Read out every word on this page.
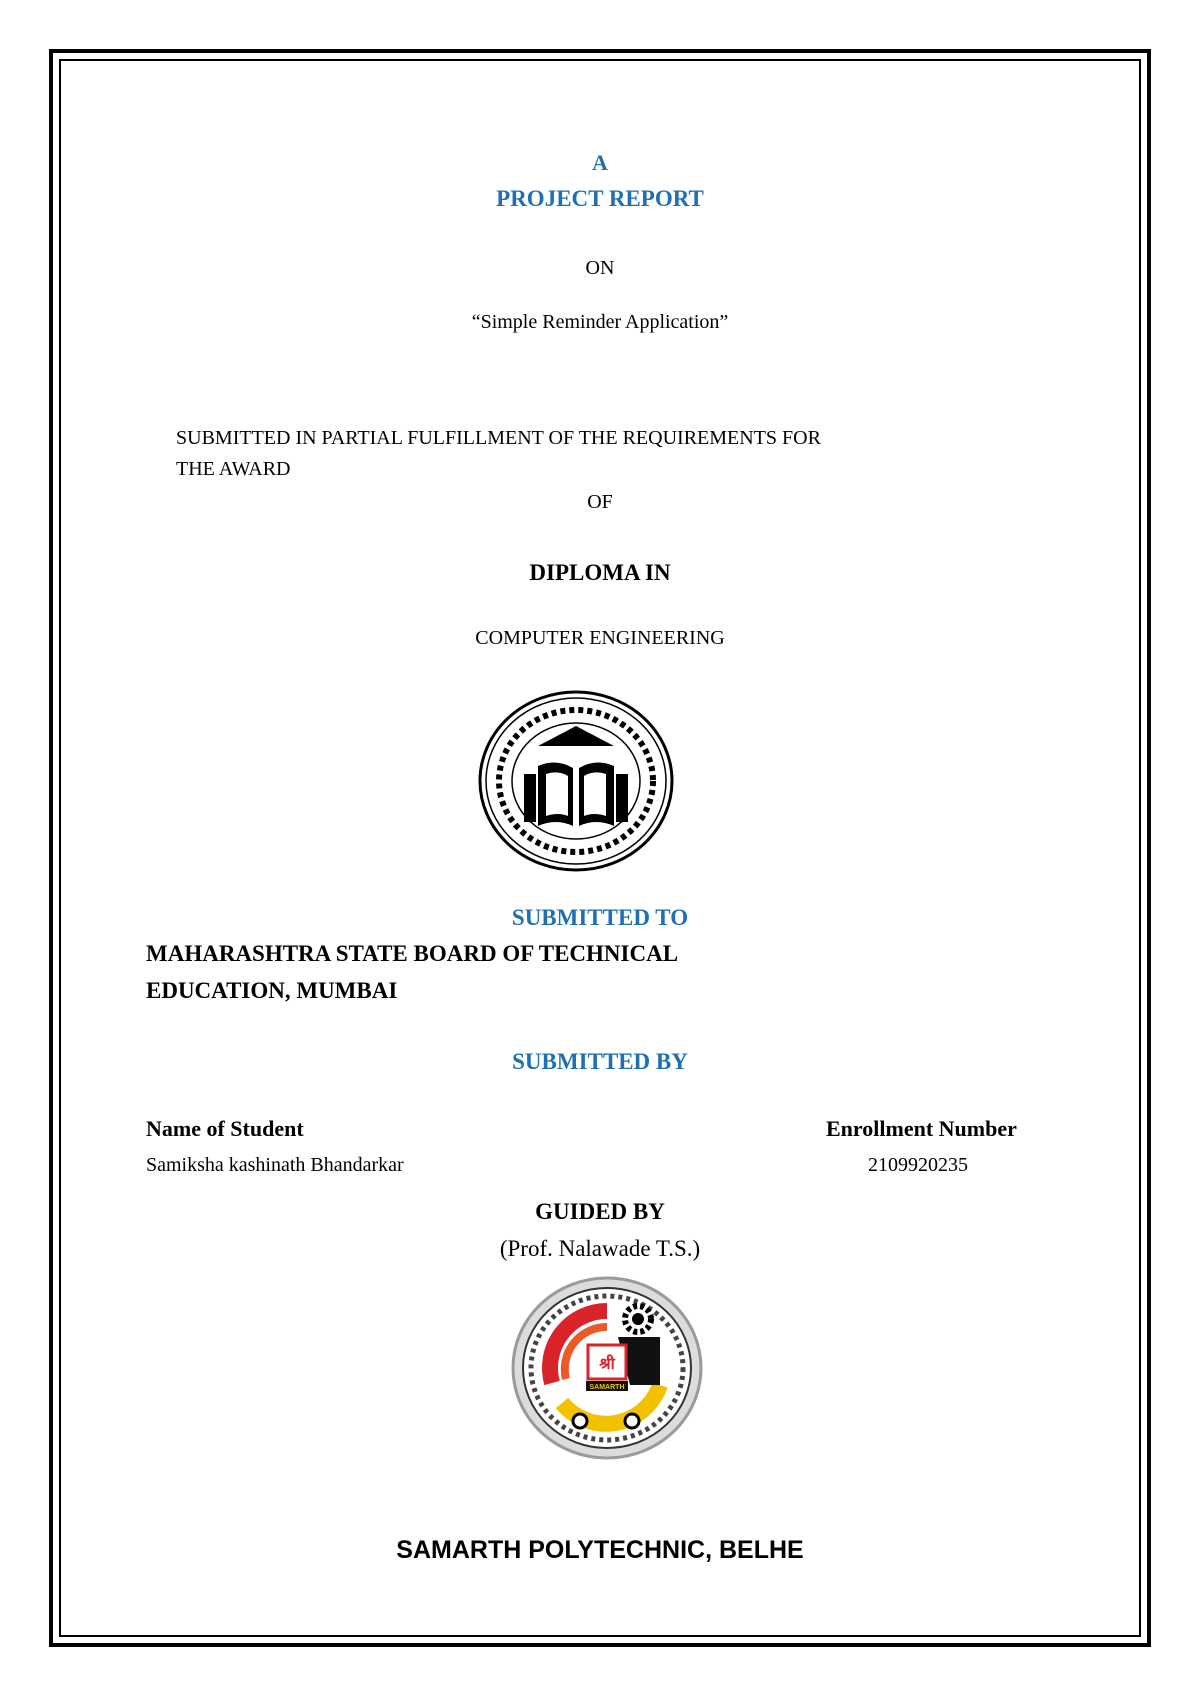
A
PROJECT REPORT
ON
“Simple Reminder Application”
SUBMITTED IN PARTIAL FULFILLMENT OF THE REQUIREMENTS FOR
THE AWARD
OF
DIPLOMA IN
COMPUTER ENGINEERING
SUBMITTED TO
MAHARASHTRA STATE BOARD OF TECHNICAL
EDUCATION, MUMBAI
SUBMITTED BY
Name of Student	Enrollment Number
Samiksha kashinath Bhandarkar	2109920235
GUIDED BY
(Prof. Nalawade T.S.)
श्री
SAMARTH
SAMARTH POLYTECHNIC, BELHE
